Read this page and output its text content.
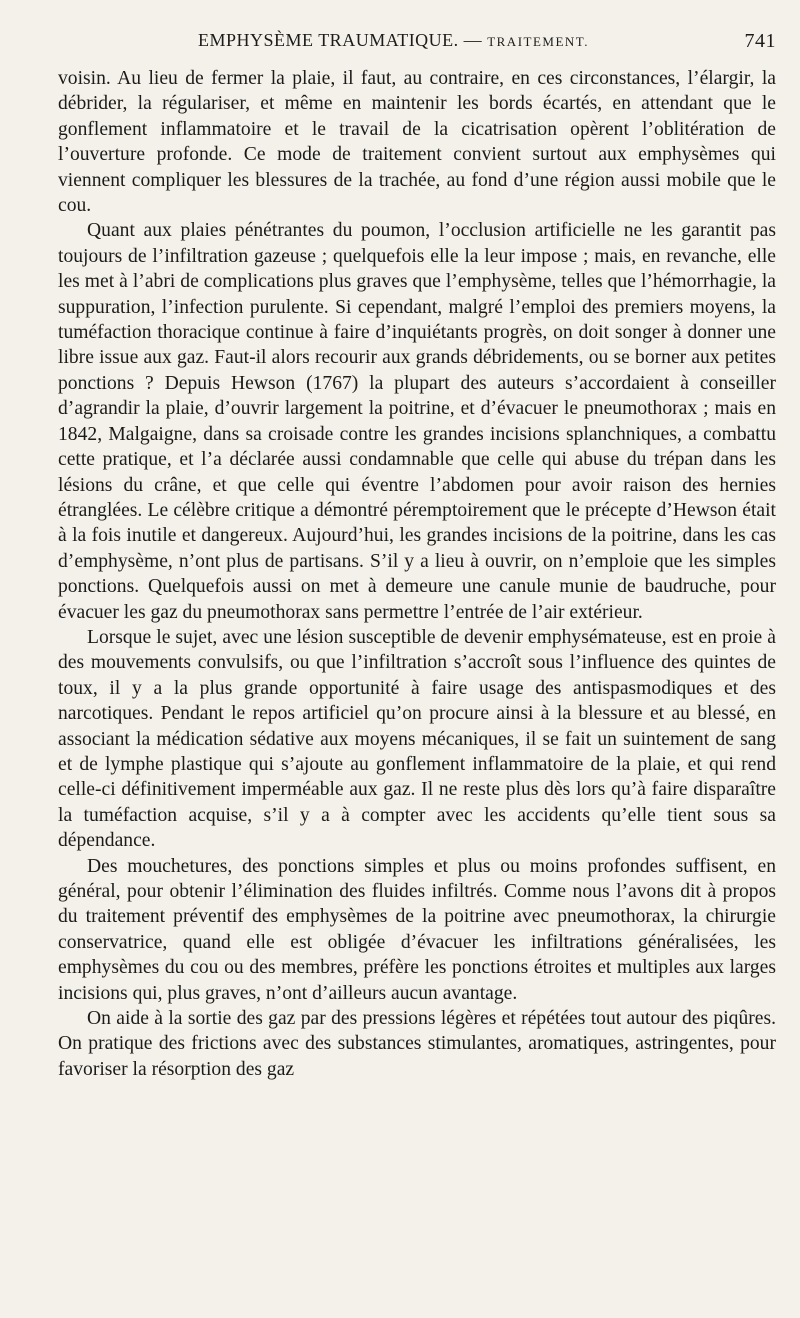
EMPHYSÈME TRAUMATIQUE. — TRAITEMENT.	741

voisin. Au lieu de fermer la plaie, il faut, au contraire, en ces circonstances, l’élargir, la débrider, la régulariser, et même en maintenir les bords écartés, en attendant que le gonflement inflammatoire et le travail de la cicatrisation opèrent l’oblitération de l’ouverture profonde. Ce mode de traitement convient surtout aux emphysèmes qui viennent compliquer les blessures de la trachée, au fond d’une région aussi mobile que le cou.

Quant aux plaies pénétrantes du poumon, l’occlusion artificielle ne les garantit pas toujours de l’infiltration gazeuse ; quelquefois elle la leur impose ; mais, en revanche, elle les met à l’abri de complications plus graves que l’emphysème, telles que l’hémorrhagie, la suppuration, l’infection purulente. Si cependant, malgré l’emploi des premiers moyens, la tuméfaction thoracique continue à faire d’inquiétants progrès, on doit songer à donner une libre issue aux gaz. Faut-il alors recourir aux grands débridements, ou se borner aux petites ponctions ? Depuis Hewson (1767) la plupart des auteurs s’accordaient à conseiller d’agrandir la plaie, d’ouvrir largement la poitrine, et d’évacuer le pneumothorax ; mais en 1842, Malgaigne, dans sa croisade contre les grandes incisions splanchniques, a combattu cette pratique, et l’a déclarée aussi condamnable que celle qui abuse du trépan dans les lésions du crâne, et que celle qui éventre l’abdomen pour avoir raison des hernies étranglées. Le célèbre critique a démontré péremptoirement que le précepte d’Hewson était à la fois inutile et dangereux. Aujourd’hui, les grandes incisions de la poitrine, dans les cas d’emphysème, n’ont plus de partisans. S’il y a lieu à ouvrir, on n’emploie que les simples ponctions. Quelquefois aussi on met à demeure une canule munie de baudruche, pour évacuer les gaz du pneumothorax sans permettre l’entrée de l’air extérieur.

Lorsque le sujet, avec une lésion susceptible de devenir emphysémateuse, est en proie à des mouvements convulsifs, ou que l’infiltration s’accroît sous l’influence des quintes de toux, il y a la plus grande opportunité à faire usage des antispasmodiques et des narcotiques. Pendant le repos artificiel qu’on procure ainsi à la blessure et au blessé, en associant la médication sédative aux moyens mécaniques, il se fait un suintement de sang et de lymphe plastique qui s’ajoute au gonflement inflammatoire de la plaie, et qui rend celle-ci définitivement imperméable aux gaz. Il ne reste plus dès lors qu’à faire disparaître la tuméfaction acquise, s’il y a à compter avec les accidents qu’elle tient sous sa dépendance.

Des mouchetures, des ponctions simples et plus ou moins profondes suffisent, en général, pour obtenir l’élimination des fluides infiltrés. Comme nous l’avons dit à propos du traitement préventif des emphysèmes de la poitrine avec pneumothorax, la chirurgie conservatrice, quand elle est obligée d’évacuer les infiltrations généralisées, les emphysèmes du cou ou des membres, préfère les ponctions étroites et multiples aux larges incisions qui, plus graves, n’ont d’ailleurs aucun avantage.

On aide à la sortie des gaz par des pressions légères et répétées tout autour des piqûres. On pratique des frictions avec des substances stimulantes, aromatiques, astringentes, pour favoriser la résorption des gaz
